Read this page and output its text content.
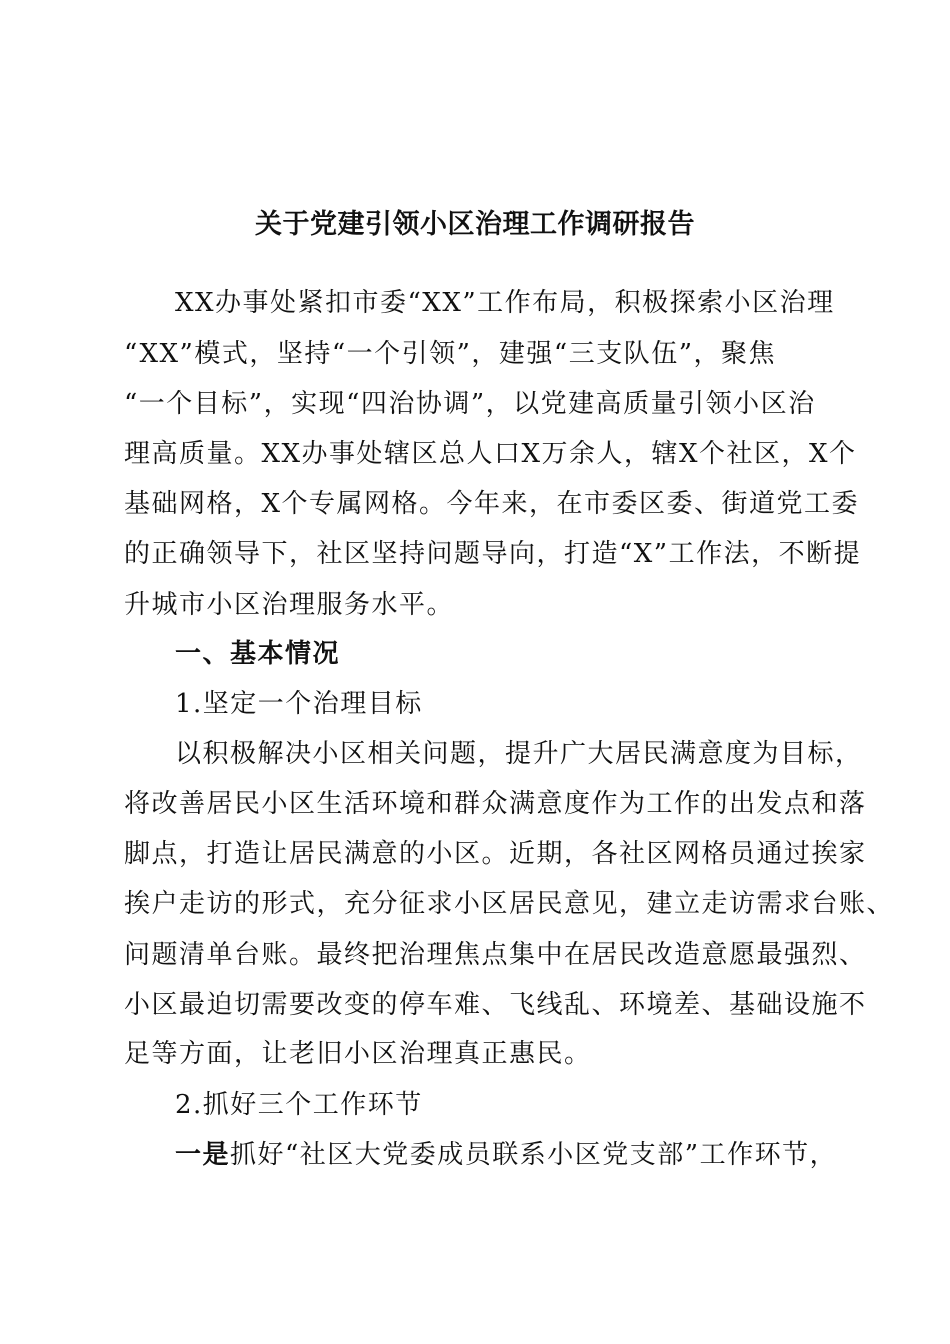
关于党建引领小区治理工作调研报告
XX办事处紧扣市委“XX”工作布局，积极探索小区治理
“XX”模式，坚持“一个引领”，建强“三支队伍”，聚焦
“一个目标”，实现“四治协调”，以党建高质量引领小区治
理高质量。XX办事处辖区总人口X万余人，辖X个社区，X个
基础网格，X个专属网格。今年来，在市委区委、街道党工委
的正确领导下，社区坚持问题导向，打造“X”工作法，不断提
升城市小区治理服务水平。
一、基本情况
1.坚定一个治理目标
以积极解决小区相关问题，提升广大居民满意度为目标，
将改善居民小区生活环境和群众满意度作为工作的出发点和落
脚点，打造让居民满意的小区。近期，各社区网格员通过挨家
挨户走访的形式，充分征求小区居民意见，建立走访需求台账、
问题清单台账。最终把治理焦点集中在居民改造意愿最强烈、
小区最迫切需要改变的停车难、飞线乱、环境差、基础设施不
足等方面，让老旧小区治理真正惠民。
2.抓好三个工作环节
一是抓好“社区大党委成员联系小区党支部”工作环节，
